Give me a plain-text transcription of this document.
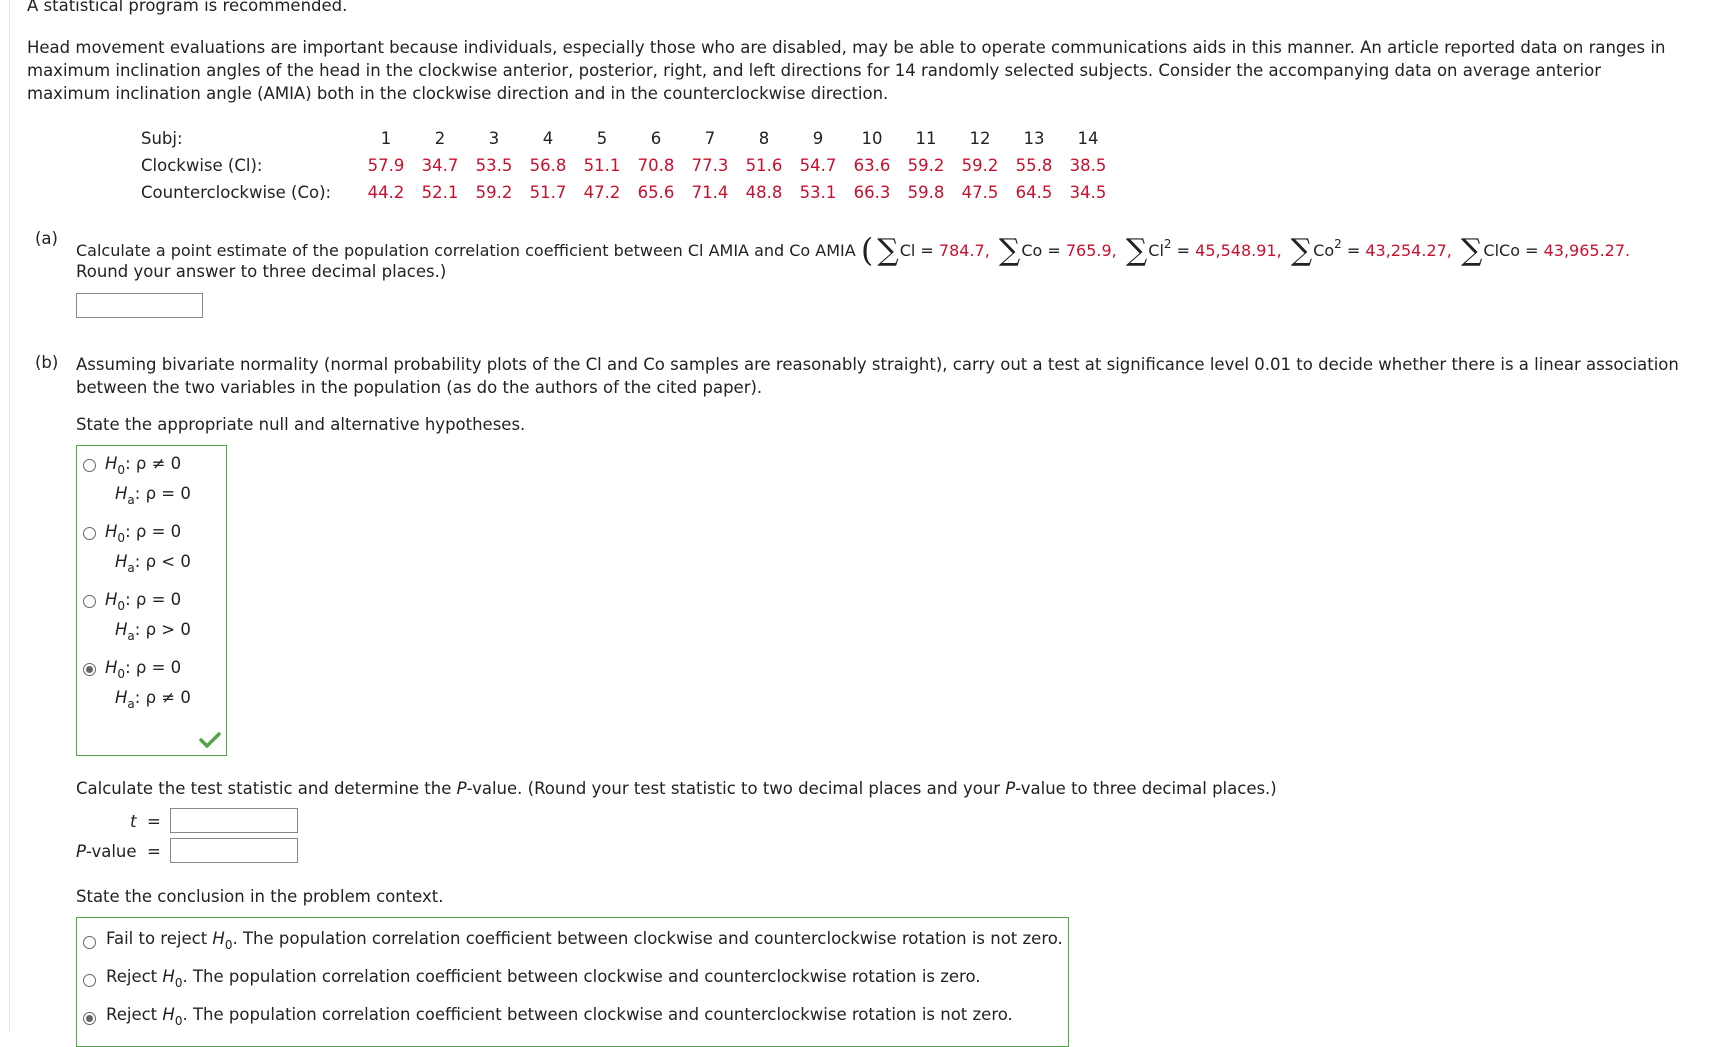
A statistical program is recommended.
Head movement evaluations are important because individuals, especially those who are disabled, may be able to operate communications aids in this manner. An article reported data on ranges in maximum inclination angles of the head in the clockwise anterior, posterior, right, and left directions for 14 randomly selected subjects. Consider the accompanying data on average anterior maximum inclination angle (AMIA) both in the clockwise direction and in the counterclockwise direction.
Subj:	1	2	3	4	5	6	7	8	9	10	11	12	13	14
Clockwise (Cl):	57.9	34.7	53.5	56.8	51.1	70.8	77.3	51.6	54.7	63.6	59.2	59.2	55.8	38.5
Counterclockwise (Co):	44.2	52.1	59.2	51.7	47.2	65.6	71.4	48.8	53.1	66.3	59.8	47.5	64.5	34.5
(a)
Calculate a point estimate of the population correlation coefficient between Cl AMIA and Co AMIA ( ∑Cl = 784.7, ∑Co = 765.9, $\sum Cl^2 = 45,548.91$, $\sum Co^2 = 43,254.27$, ∑ClCo = 43,965.27.
Round your answer to three decimal places.)
(b) Assuming bivariate normality (normal probability plots of the Cl and Co samples are reasonably straight), carry out a test at significance level 0.01 to decide whether there is a linear association between the two variables in the population (as do the authors of the cited paper).
State the appropriate null and alternative hypotheses.
$H_0$: ρ ≠ 0
$H_a$: ρ = 0
$H_0$: ρ = 0
$H_a$: ρ < 0
$H_0$: ρ = 0
$H_a$: ρ > 0
$H_0$: ρ = 0
$H_a$: ρ ≠ 0
Calculate the test statistic and determine the P-value. (Round your test statistic to two decimal places and your P-value to three decimal places.)
t =
P-value =
State the conclusion in the problem context.
Fail to reject $H_0$. The population correlation coefficient between clockwise and counterclockwise rotation is not zero.
Reject $H_0$. The population correlation coefficient between clockwise and counterclockwise rotation is zero.
Reject $H_0$. The population correlation coefficient between clockwise and counterclockwise rotation is not zero.
